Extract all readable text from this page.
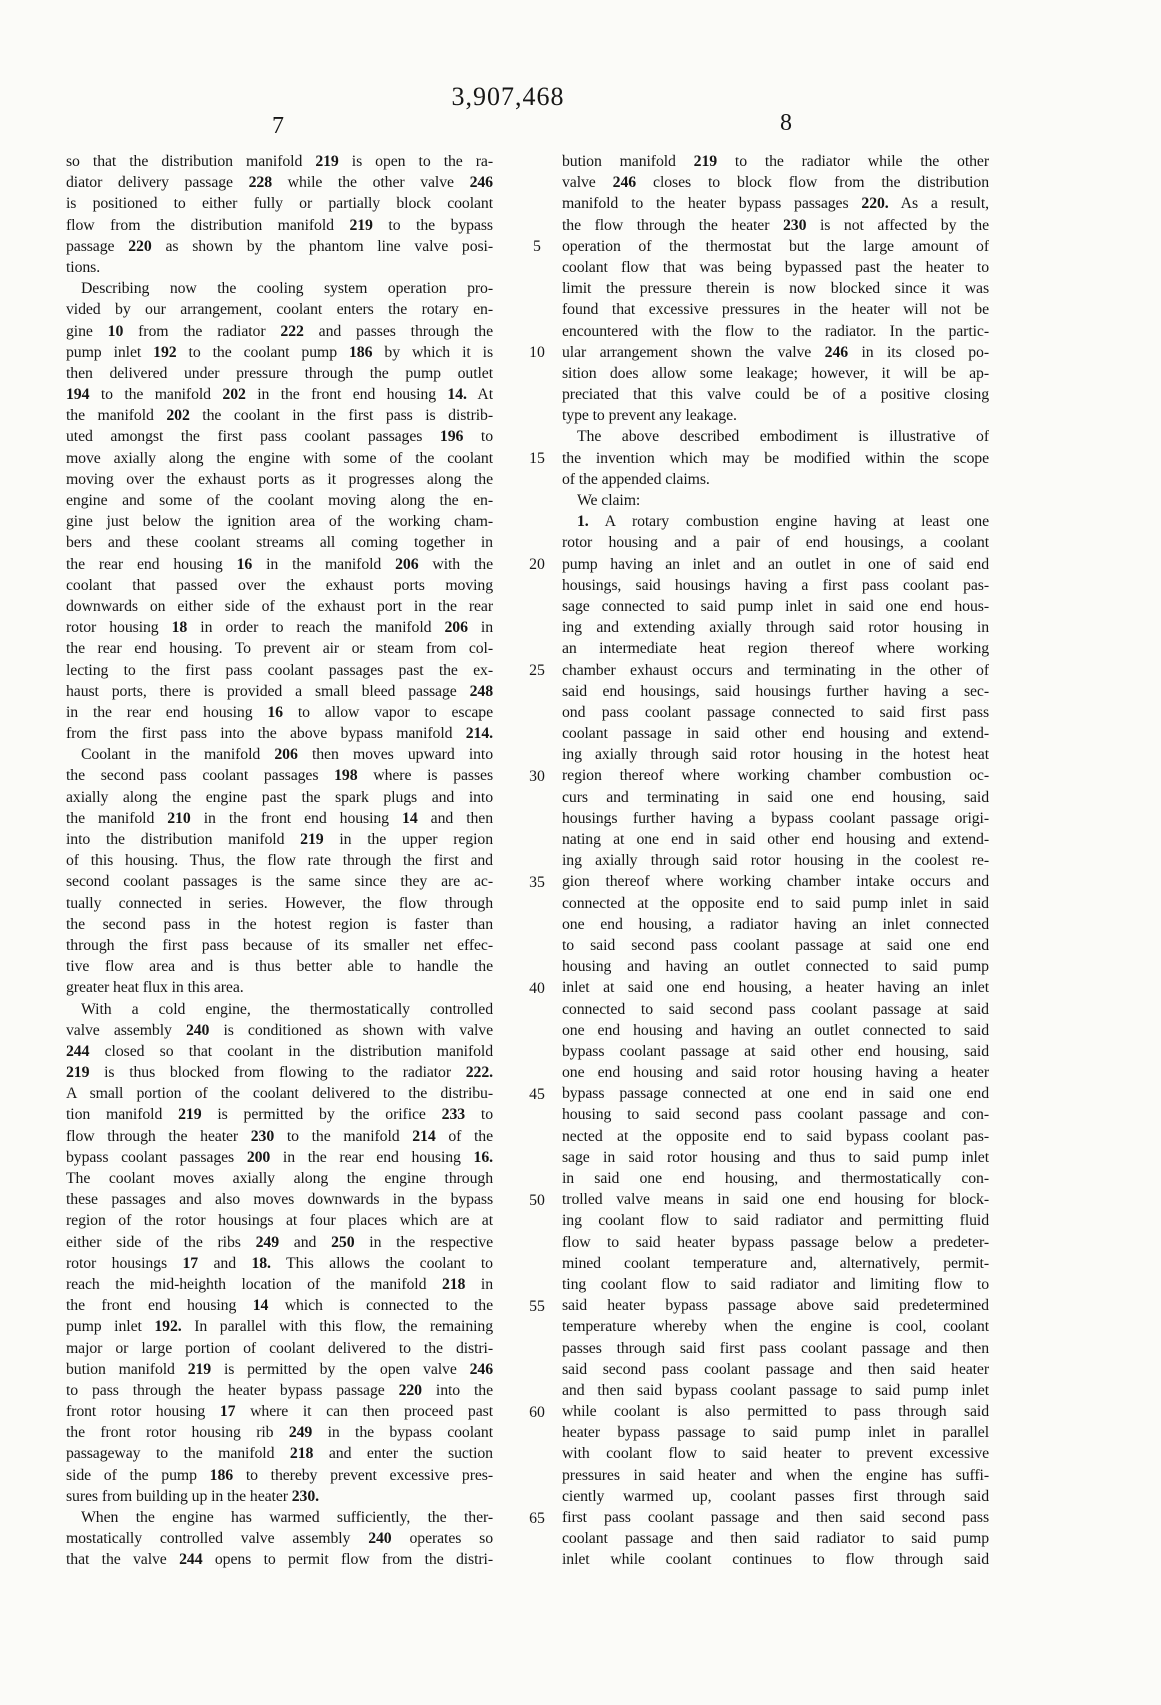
3,907,468
7	8
so that the distribution manifold 219 is open to the ra-
diator delivery passage 228 while the other valve 246
is positioned to either fully or partially block coolant
flow from the distribution manifold 219 to the bypass
passage 220 as shown by the phantom line valve posi-
tions.
Describing now the cooling system operation pro-
vided by our arrangement, coolant enters the rotary en-
gine 10 from the radiator 222 and passes through the
pump inlet 192 to the coolant pump 186 by which it is
then delivered under pressure through the pump outlet
194 to the manifold 202 in the front end housing 14. At
the manifold 202 the coolant in the first pass is distrib-
uted amongst the first pass coolant passages 196 to
move axially along the engine with some of the coolant
moving over the exhaust ports as it progresses along the
engine and some of the coolant moving along the en-
gine just below the ignition area of the working cham-
bers and these coolant streams all coming together in
the rear end housing 16 in the manifold 206 with the
coolant that passed over the exhaust ports moving
downwards on either side of the exhaust port in the rear
rotor housing 18 in order to reach the manifold 206 in
the rear end housing. To prevent air or steam from col-
lecting to the first pass coolant passages past the ex-
haust ports, there is provided a small bleed passage 248
in the rear end housing 16 to allow vapor to escape
from the first pass into the above bypass manifold 214.
Coolant in the manifold 206 then moves upward into
the second pass coolant passages 198 where is passes
axially along the engine past the spark plugs and into
the manifold 210 in the front end housing 14 and then
into the distribution manifold 219 in the upper region
of this housing. Thus, the flow rate through the first and
second coolant passages is the same since they are ac-
tually connected in series. However, the flow through
the second pass in the hotest region is faster than
through the first pass because of its smaller net effec-
tive flow area and is thus better able to handle the
greater heat flux in this area.
With a cold engine, the thermostatically controlled
valve assembly 240 is conditioned as shown with valve
244 closed so that coolant in the distribution manifold
219 is thus blocked from flowing to the radiator 222.
A small portion of the coolant delivered to the distribu-
tion manifold 219 is permitted by the orifice 233 to
flow through the heater 230 to the manifold 214 of the
bypass coolant passages 200 in the rear end housing 16.
The coolant moves axially along the engine through
these passages and also moves downwards in the bypass
region of the rotor housings at four places which are at
either side of the ribs 249 and 250 in the respective
rotor housings 17 and 18. This allows the coolant to
reach the mid-heighth location of the manifold 218 in
the front end housing 14 which is connected to the
pump inlet 192. In parallel with this flow, the remaining
major or large portion of coolant delivered to the distri-
bution manifold 219 is permitted by the open valve 246
to pass through the heater bypass passage 220 into the
front rotor housing 17 where it can then proceed past
the front rotor housing rib 249 in the bypass coolant
passageway to the manifold 218 and enter the suction
side of the pump 186 to thereby prevent excessive pres-
sures from building up in the heater 230.
When the engine has warmed sufficiently, the ther-
mostatically controlled valve assembly 240 operates so
that the valve 244 opens to permit flow from the distri-
5
10
15
20
25
30
35
40
45
50
55
60
65
bution manifold 219 to the radiator while the other
valve 246 closes to block flow from the distribution
manifold to the heater bypass passages 220. As a result,
the flow through the heater 230 is not affected by the
operation of the thermostat but the large amount of
coolant flow that was being bypassed past the heater to
limit the pressure therein is now blocked since it was
found that excessive pressures in the heater will not be
encountered with the flow to the radiator. In the partic-
ular arrangement shown the valve 246 in its closed po-
sition does allow some leakage; however, it will be ap-
preciated that this valve could be of a positive closing
type to prevent any leakage.
The above described embodiment is illustrative of
the invention which may be modified within the scope
of the appended claims.
We claim:
1. A rotary combustion engine having at least one
rotor housing and a pair of end housings, a coolant
pump having an inlet and an outlet in one of said end
housings, said housings having a first pass coolant pas-
sage connected to said pump inlet in said one end hous-
ing and extending axially through said rotor housing in
an intermediate heat region thereof where working
chamber exhaust occurs and terminating in the other of
said end housings, said housings further having a sec-
ond pass coolant passage connected to said first pass
coolant passage in said other end housing and extend-
ing axially through said rotor housing in the hotest heat
region thereof where working chamber combustion oc-
curs and terminating in said one end housing, said
housings further having a bypass coolant passage origi-
nating at one end in said other end housing and extend-
ing axially through said rotor housing in the coolest re-
gion thereof where working chamber intake occurs and
connected at the opposite end to said pump inlet in said
one end housing, a radiator having an inlet connected
to said second pass coolant passage at said one end
housing and having an outlet connected to said pump
inlet at said one end housing, a heater having an inlet
connected to said second pass coolant passage at said
one end housing and having an outlet connected to said
bypass coolant passage at said other end housing, said
one end housing and said rotor housing having a heater
bypass passage connected at one end in said one end
housing to said second pass coolant passage and con-
nected at the opposite end to said bypass coolant pas-
sage in said rotor housing and thus to said pump inlet
in said one end housing, and thermostatically con-
trolled valve means in said one end housing for block-
ing coolant flow to said radiator and permitting fluid
flow to said heater bypass passage below a predeter-
mined coolant temperature and, alternatively, permit-
ting coolant flow to said radiator and limiting flow to
said heater bypass passage above said predetermined
temperature whereby when the engine is cool, coolant
passes through said first pass coolant passage and then
said second pass coolant passage and then said heater
and then said bypass coolant passage to said pump inlet
while coolant is also permitted to pass through said
heater bypass passage to said pump inlet in parallel
with coolant flow to said heater to prevent excessive
pressures in said heater and when the engine has suffi-
ciently warmed up, coolant passes first through said
first pass coolant passage and then said second pass
coolant passage and then said radiator to said pump
inlet while coolant continues to flow through said
